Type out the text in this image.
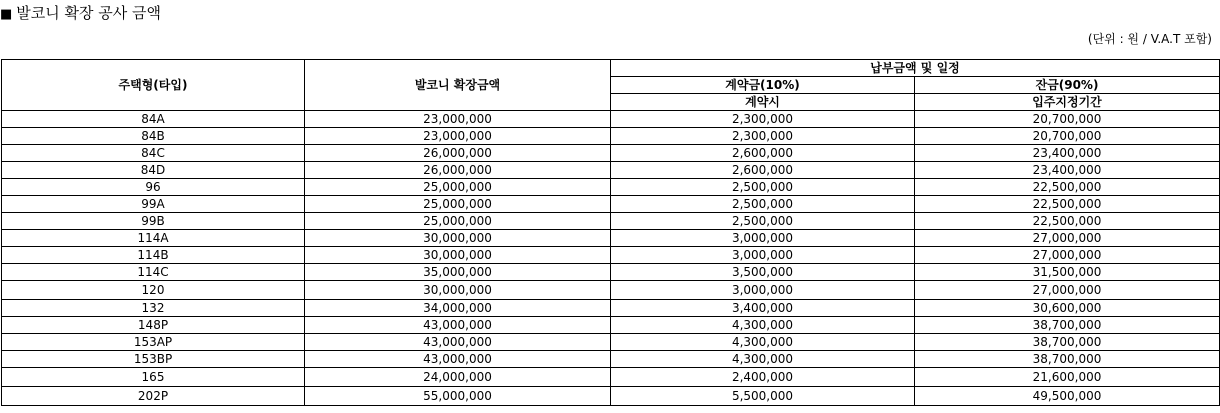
■ 발코니 확장 공사 금액
(단위 : 원 / V.A.T 포함)
주택형(타입)	발코니 확장금액	납부금액 및 일정	
		계약금(10%)	잔금(90%)
		계약시	입주지정기간
84A	23,000,000	2,300,000	20,700,000
84B	23,000,000	2,300,000	20,700,000
84C	26,000,000	2,600,000	23,400,000
84D	26,000,000	2,600,000	23,400,000
96	25,000,000	2,500,000	22,500,000
99A	25,000,000	2,500,000	22,500,000
99B	25,000,000	2,500,000	22,500,000
114A	30,000,000	3,000,000	27,000,000
114B	30,000,000	3,000,000	27,000,000
114C	35,000,000	3,500,000	31,500,000
120	30,000,000	3,000,000	27,000,000
132	34,000,000	3,400,000	30,600,000
148P	43,000,000	4,300,000	38,700,000
153AP	43,000,000	4,300,000	38,700,000
153BP	43,000,000	4,300,000	38,700,000
165	24,000,000	2,400,000	21,600,000
202P	55,000,000	5,500,000	49,500,000
